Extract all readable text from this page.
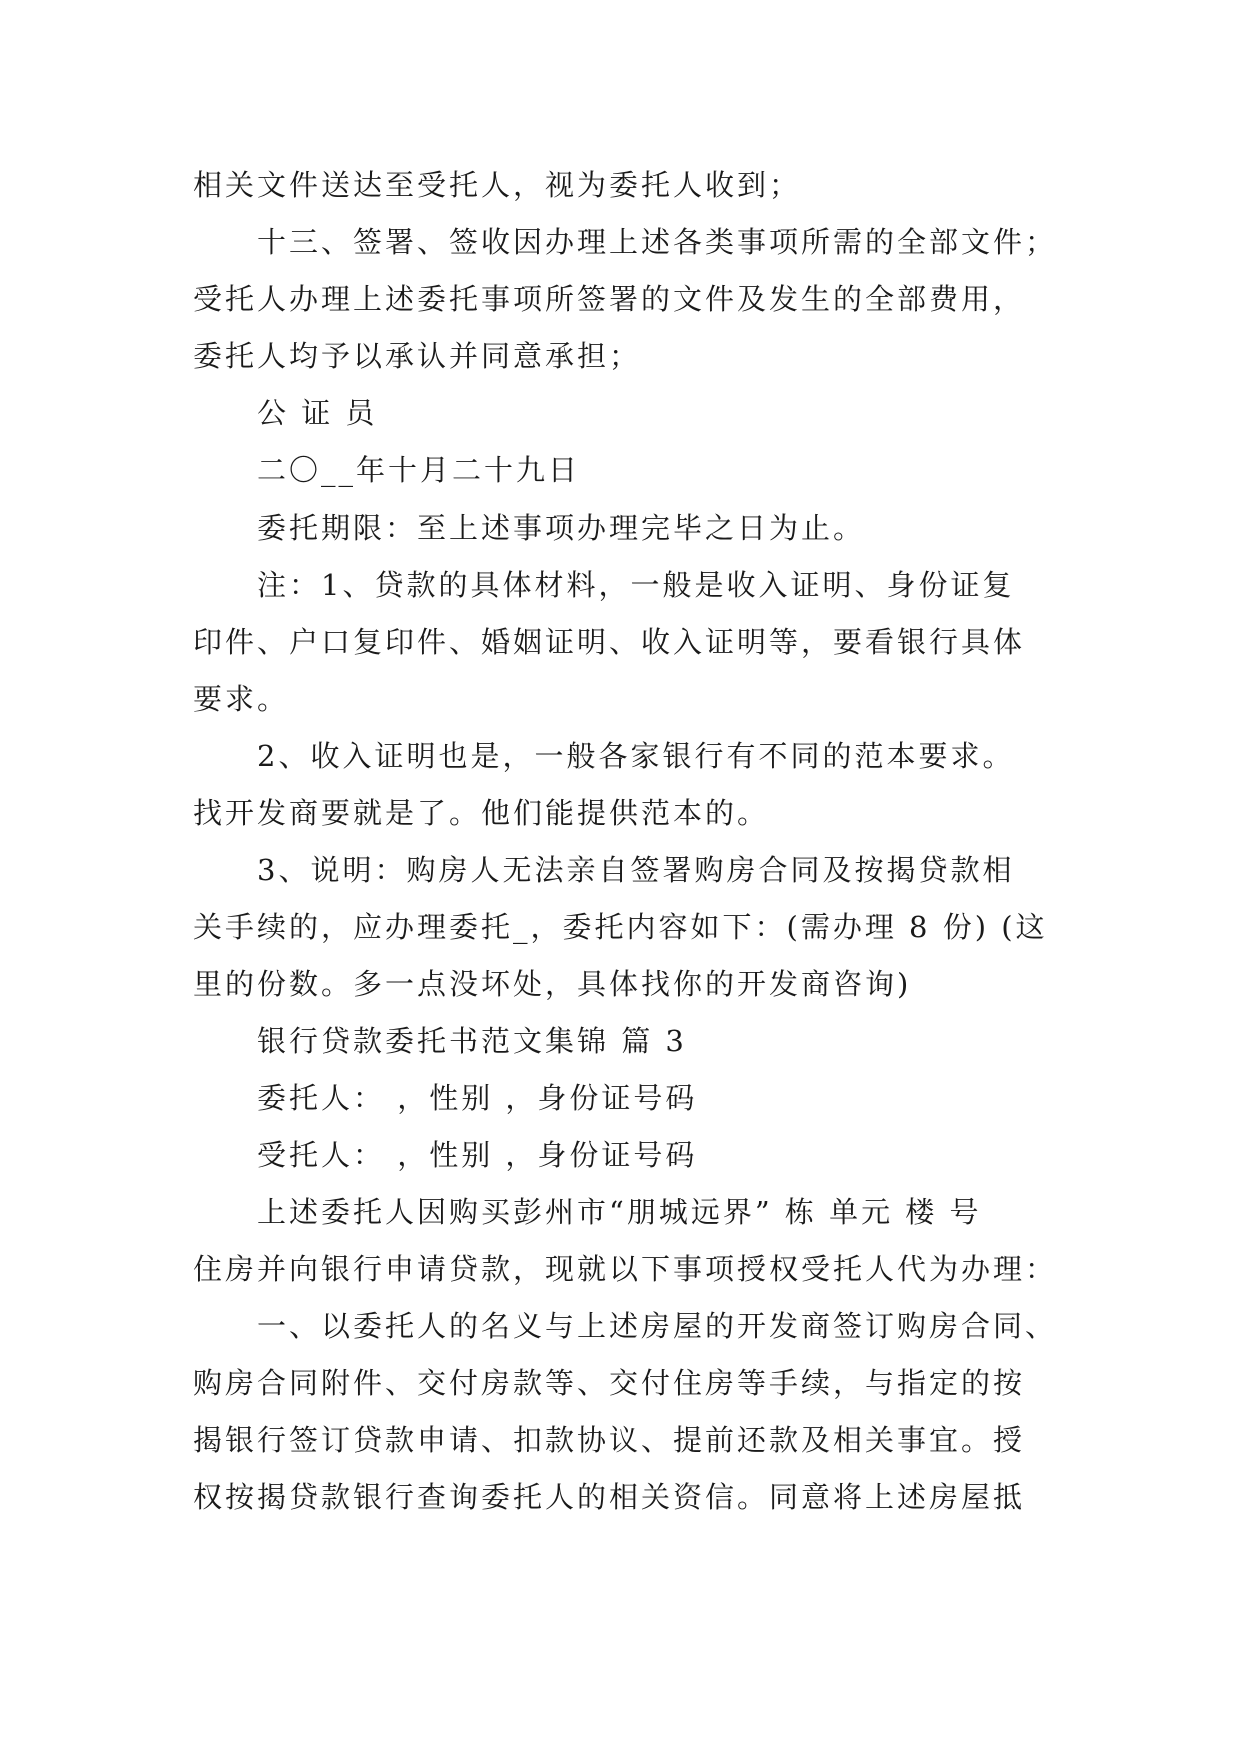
相关文件送达至受托人，视为委托人收到；

十三、签署、签收因办理上述各类事项所需的全部文件；

受托人办理上述委托事项所签署的文件及发生的全部费用，

委托人均予以承认并同意承担；

公 证 员

二〇__年十月二十九日

委托期限：至上述事项办理完毕之日为止。

注：1、贷款的具体材料，一般是收入证明、身份证复

印件、户口复印件、婚姻证明、收入证明等，要看银行具体

要求。

2、收入证明也是，一般各家银行有不同的范本要求。

找开发商要就是了。他们能提供范本的。

3、说明：购房人无法亲自签署购房合同及按揭贷款相

关手续的，应办理委托_，委托内容如下：(需办理 8 份) (这

里的份数。多一点没坏处，具体找你的开发商咨询)

银行贷款委托书范文集锦 篇 3

委托人： ，性别 ，身份证号码

受托人： ，性别 ，身份证号码

上述委托人因购买彭州市“朋城远界” 栋 单元 楼 号

住房并向银行申请贷款，现就以下事项授权受托人代为办理：

一、以委托人的名义与上述房屋的开发商签订购房合同、

购房合同附件、交付房款等、交付住房等手续，与指定的按

揭银行签订贷款申请、扣款协议、提前还款及相关事宜。授

权按揭贷款银行查询委托人的相关资信。同意将上述房屋抵
